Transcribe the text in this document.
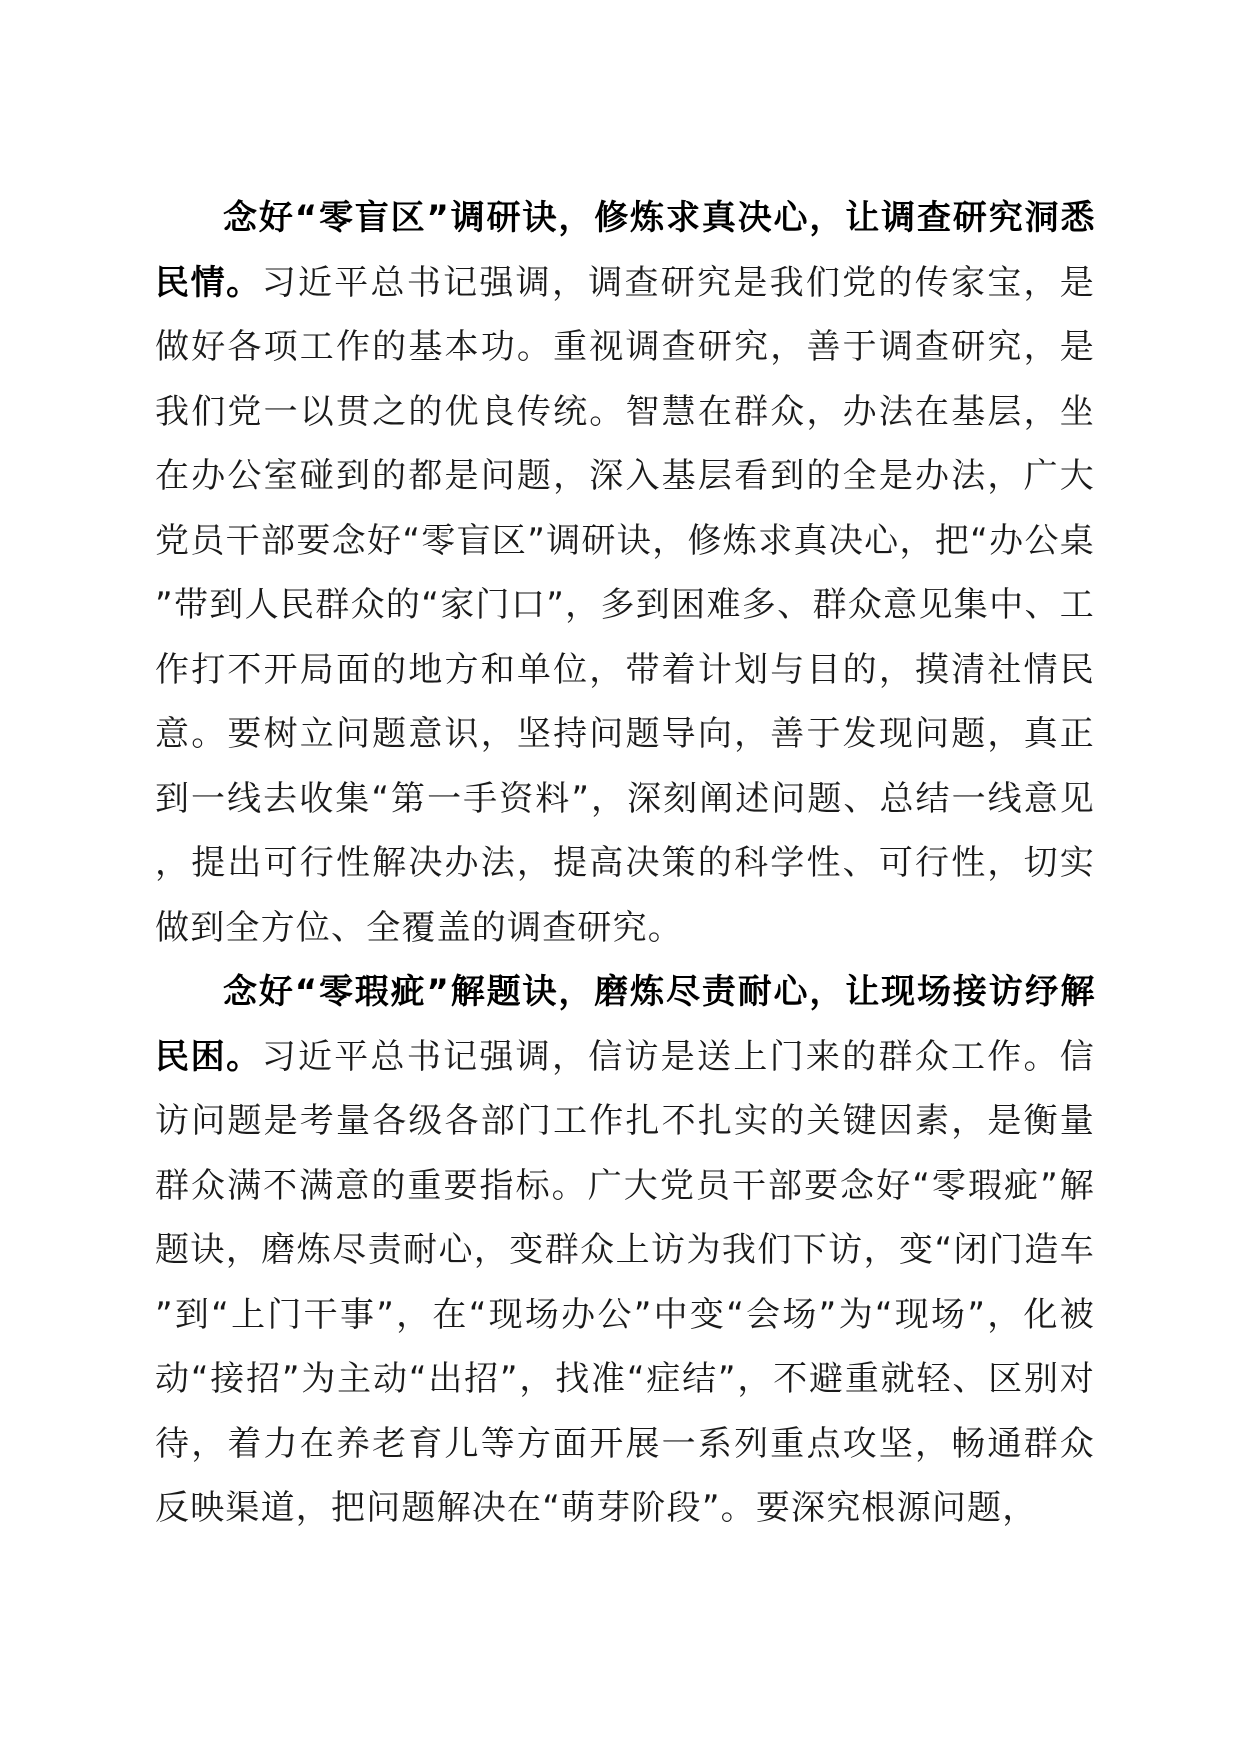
念好“零盲区”调研诀，修炼求真决心，让调查研究洞悉民情。习近平总书记强调，调查研究是我们党的传家宝，是做好各项工作的基本功。重视调查研究，善于调查研究，是我们党一以贯之的优良传统。智慧在群众，办法在基层，坐在办公室碰到的都是问题，深入基层看到的全是办法，广大党员干部要念好“零盲区”调研诀，修炼求真决心，把“办公桌”带到人民群众的“家门口”，多到困难多、群众意见集中、工作打不开局面的地方和单位，带着计划与目的，摸清社情民意。要树立问题意识，坚持问题导向，善于发现问题，真正到一线去收集“第一手资料”，深刻阐述问题、总结一线意见，提出可行性解决办法，提高决策的科学性、可行性，切实做到全方位、全覆盖的调查研究。

念好“零瑕疵”解题诀，磨炼尽责耐心，让现场接访纾解民困。习近平总书记强调，信访是送上门来的群众工作。信访问题是考量各级各部门工作扎不扎实的关键因素，是衡量群众满不满意的重要指标。广大党员干部要念好“零瑕疵”解题诀，磨炼尽责耐心，变群众上访为我们下访，变“闭门造车”到“上门干事”，在“现场办公”中变“会场”为“现场”，化被动“接招”为主动“出招”，找准“症结”，不避重就轻、区别对待，着力在养老育儿等方面开展一系列重点攻坚，畅通群众反映渠道，把问题解决在“萌芽阶段”。要深究根源问题，
